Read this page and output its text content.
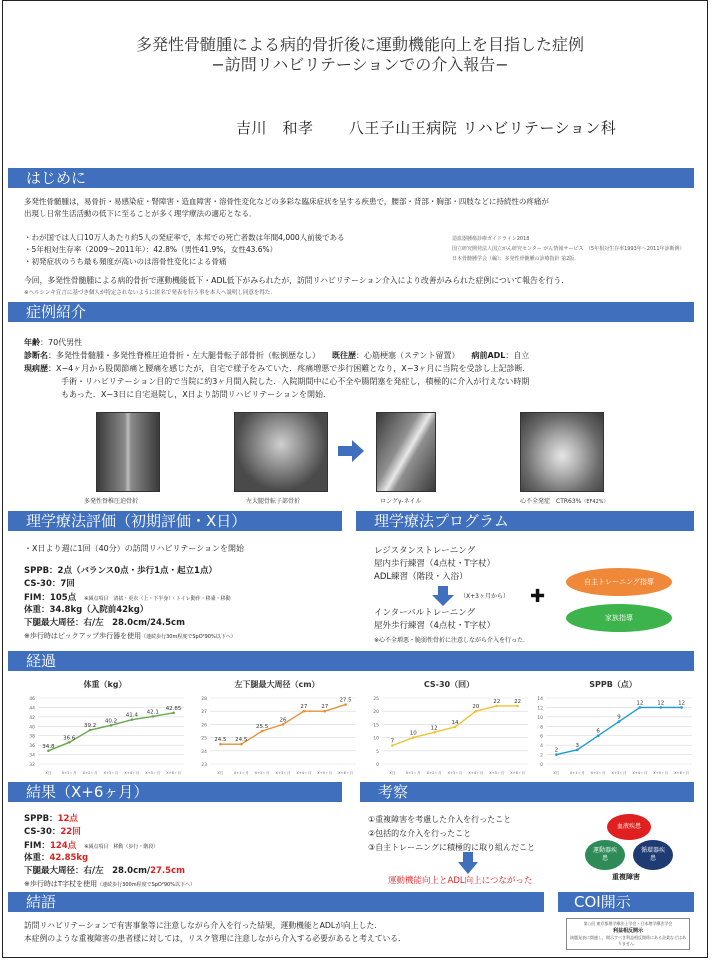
多発性骨髄腫による病的骨折後に運動機能向上を目指した症例
−訪問リハビリテーションでの介入報告−
吉川　和孝 八王子山王病院 リハビリテーション科
はじめに
多発性骨髄腫は，易骨折・易感染症・腎障害・造血障害・溶骨性変化などの多彩な臨床症状を呈する疾患で，腰部・背部・胸部・四肢などに持続性の疼痛が
出現し日常生活活動の低下に至ることが多く理学療法の適応となる．
・わが国では人口10万人あたり約5人の発症率で，本邦での死亡者数は年間4,000人前後である
・5年相対生存率（2009〜2011年）：42.8%（男性41.9%，女性43.6%）
・初発症状のうち最も頻度が高いのは溶骨性変化による骨痛
造血器腫瘍診療ガイドライン2018
国立研究開発法人国立がん研究センター がん情報サービス　（5年相対生存率1993年〜2011年診断例）
日本骨髄腫学会（編）：多発性骨髄腫の診療指針 第2版.
今回，多発性骨髄腫による病的骨折で運動機能低下・ADL低下がみられたが，訪問リハビリテーション介入により改善がみられた症例について報告を行う．
※ヘルシンキ宣言に基づき個人が特定されないように匿名で発表を行う事を本人へ説明し同意を得た．
症例紹介
年齢：70代男性
診断名：多発性骨髄腫・多発性脊椎圧迫骨折・左大腿骨転子部骨折（転倒歴なし） 既往歴：心筋梗塞（ステント留置） 病前ADL：自立
現病歴：X−4ヶ月から股関節痛と腰痛を感じたが，自宅で様子をみていた．疼痛増悪で歩行困難となり，X−3ヶ月に当院を受診し上記診断．
手術・リハビリテーション目的で当院に約3ヶ月間入院した．入院期間中に心不全や腸閉塞を発症し，積極的に介入が行えない時期
もあった．X−3日に自宅退院し，X日より訪問リハビリテーションを開始．
多発性脊椎圧迫骨折	左大腿骨転子部骨折	ロングγ-ネイル	心不全発症　CTR63%（EF42%）
理学療法評価（初期評価・X日）
・X日より週に1回（40分）の訪問リハビリテーションを開始
SPPB：2点（バランス0点・歩行1点・起立1点）
CS-30：7回
FIM：105点 ※減点項目　清拭・更衣（上・下半身）・トイレ動作・移乗・移動
体重：34.8kg（入院前42kg）
下腿最大周径：右/左　28.0cm/24.5cm
※歩行時はピックアップ歩行器を使用（連続歩行30m程度でSpO²90%以下へ）
理学療法プログラム
レジスタンストレーニング
屋内歩行練習（4点杖・T字杖）
ADL練習（階段・入浴）
（X+3ヶ月から）
インターバルトレーニング
屋外歩行練習（4点杖・T字杖）
※心不全増悪・脆弱性骨折に注意しながら介入を行った．
✚
自主トレーニング指導
家族指導
経過
体重（kg）
32
34
36
38
40
42
44
46
X日	X+1ヶ月 X+2ヶ月 X+3ヶ月 X+4ヶ月 X+5ヶ月 X+6ヶ月
34.8
36.6
39.2
40.2
41.4
42.1
42.85
左下腿最大周径（cm）
23
24
25
26
27
28
X日	X+1ヶ月 X+2ヶ月 X+3ヶ月 X+4ヶ月 X+5ヶ月 X+6ヶ月
24.5 24.5
25.5
26
27	27
27.5
CS-30（回）
0
5
10
15
20
25
X日	X+1ヶ月 X+2ヶ月 X+3ヶ月 X+4ヶ月 X+5ヶ月 X+6ヶ月
7
10
12
14
20
22	22
SPPB（点）
0
2
4
6
8
10
12
14
X日	X+1ヶ月 X+2ヶ月 X+3ヶ月 X+4ヶ月 X+5ヶ月 X+6ヶ月
2
3
6
9
12	12	12
結果（X+6ヶ月）
SPPB：12点
CS-30：22回
FIM：124点 ※減点項目　移動（歩行・階段）
体重：42.85kg
下腿最大周径：右/左　28.0cm/27.5cm
※歩行時はT字杖を使用（連続歩行300m程度でSpO²90%以下へ）
考察
①重複障害を考慮した介入を行ったこと
②包括的な介入を行ったこと
③自主トレーニングに積極的に取り組んだこと
運動機能向上とADL向上につながった
血液疾患
運動器疾患
循環器疾患
重複障害
結語
訪問リハビリテーションで有害事象等に注意しながら介入を行った結果，運動機能とADLが向上した．
本症例のような重複障害の患者様に対しては，リスク管理に注意しながら介入する必要があると考えている．
COI開示
第○回 東京都理学療法士学会・日本理学療法学会
利益相反開示
演題発表に関連し，開示すべき利益相反関係にある企業などはありません．
